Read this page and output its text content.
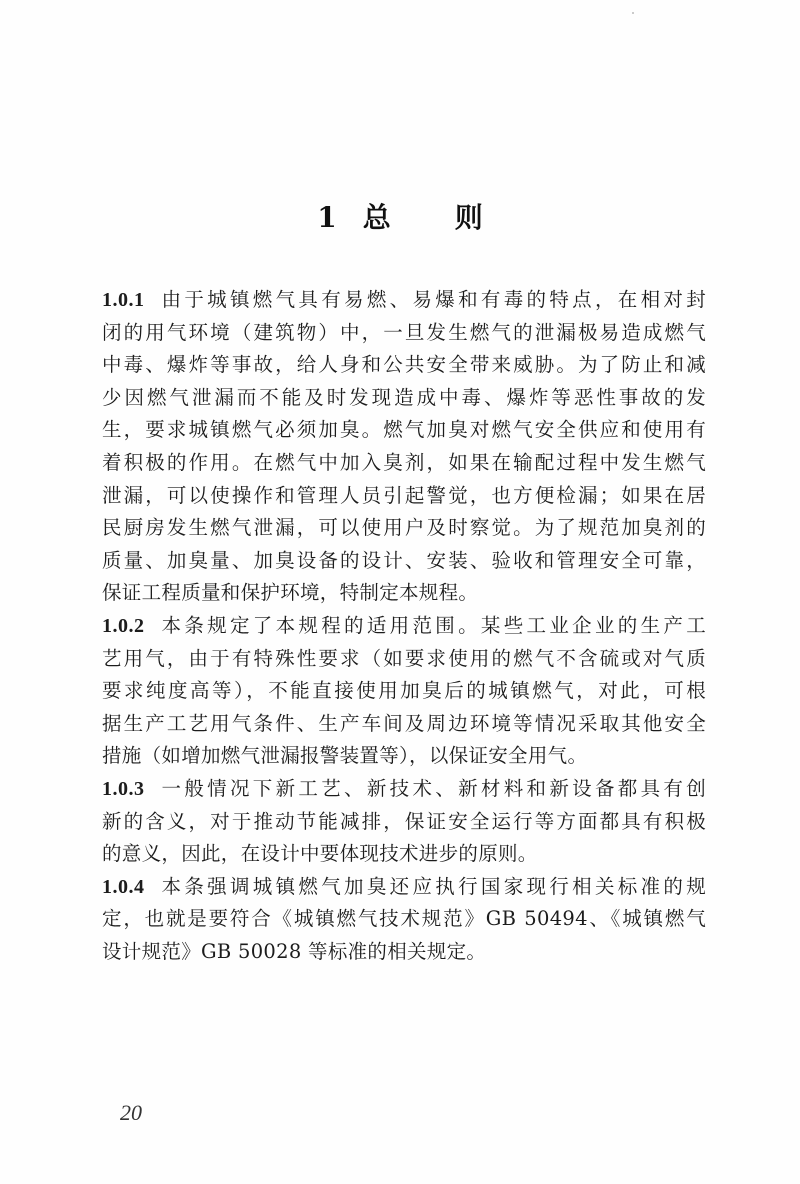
1 总 则
1.0.1 由于城镇燃气具有易燃、易爆和有毒的特点，在相对封
闭的用气环境（建筑物）中，一旦发生燃气的泄漏极易造成燃气
中毒、爆炸等事故，给人身和公共安全带来威胁。为了防止和减
少因燃气泄漏而不能及时发现造成中毒、爆炸等恶性事故的发
生，要求城镇燃气必须加臭。燃气加臭对燃气安全供应和使用有
着积极的作用。在燃气中加入臭剂，如果在输配过程中发生燃气
泄漏，可以使操作和管理人员引起警觉，也方便检漏；如果在居
民厨房发生燃气泄漏，可以使用户及时察觉。为了规范加臭剂的
质量、加臭量、加臭设备的设计、安装、验收和管理安全可靠，
保证工程质量和保护环境，特制定本规程。
1.0.2 本条规定了本规程的适用范围。某些工业企业的生产工
艺用气，由于有特殊性要求（如要求使用的燃气不含硫或对气质
要求纯度高等），不能直接使用加臭后的城镇燃气，对此，可根
据生产工艺用气条件、生产车间及周边环境等情况采取其他安全
措施（如增加燃气泄漏报警装置等），以保证安全用气。
1.0.3 一般情况下新工艺、新技术、新材料和新设备都具有创
新的含义，对于推动节能减排，保证安全运行等方面都具有积极
的意义，因此，在设计中要体现技术进步的原则。
1.0.4 本条强调城镇燃气加臭还应执行国家现行相关标准的规
定，也就是要符合《城镇燃气技术规范》GB 50494、《城镇燃气
设计规范》GB 50028 等标准的相关规定。
20
